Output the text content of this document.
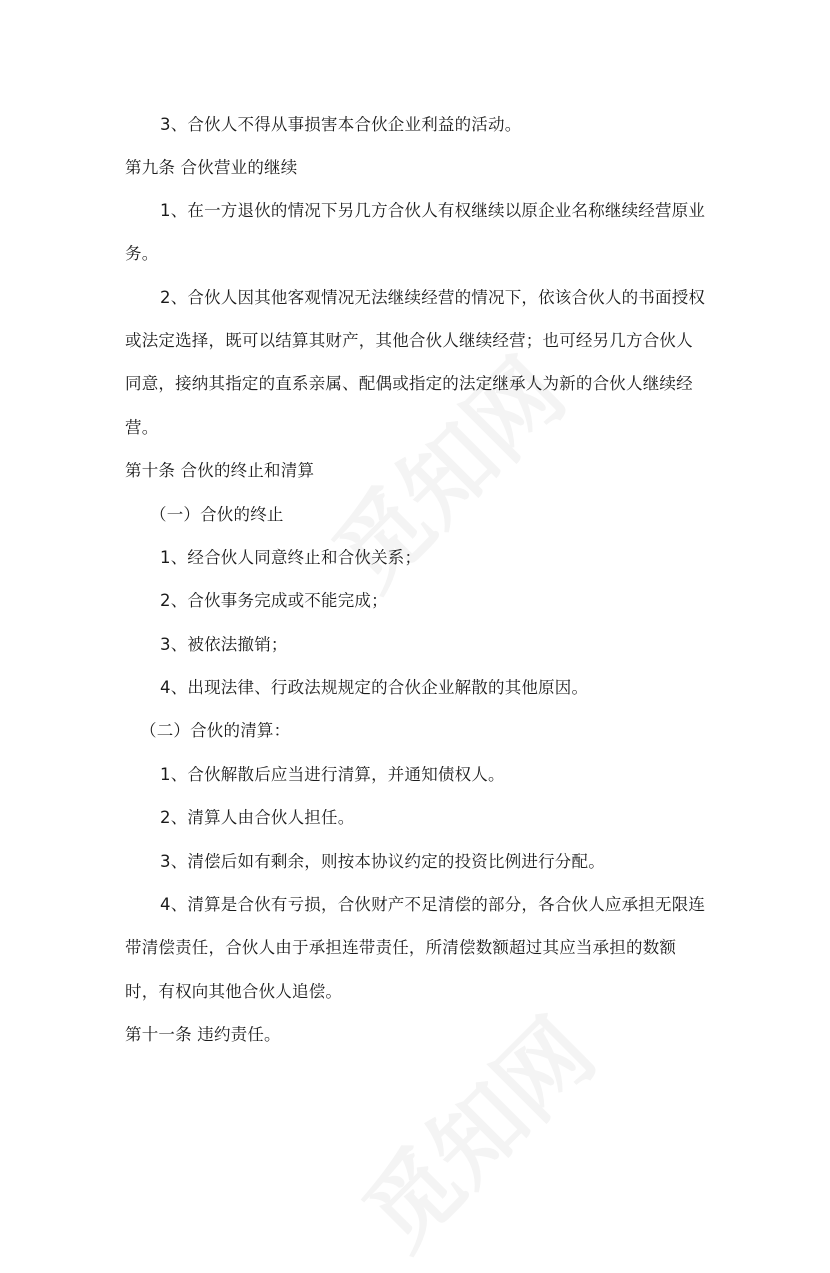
3、合伙人不得从事损害本合伙企业利益的活动。
第九条 合伙营业的继续
1、在一方退伙的情况下另几方合伙人有权继续以原企业名称继续经营原业
务。
2、合伙人因其他客观情况无法继续经营的情况下，依该合伙人的书面授权
或法定选择，既可以结算其财产，其他合伙人继续经营；也可经另几方合伙人
同意，接纳其指定的直系亲属、配偶或指定的法定继承人为新的合伙人继续经
营。
第十条 合伙的终止和清算
（一）合伙的终止
1、经合伙人同意终止和合伙关系；
2、合伙事务完成或不能完成；
3、被依法撤销；
4、出现法律、行政法规规定的合伙企业解散的其他原因。
（二）合伙的清算：
1、合伙解散后应当进行清算，并通知债权人。
2、清算人由合伙人担任。
3、清偿后如有剩余，则按本协议约定的投资比例进行分配。
4、清算是合伙有亏损，合伙财产不足清偿的部分，各合伙人应承担无限连
带清偿责任，合伙人由于承担连带责任，所清偿数额超过其应当承担的数额
时，有权向其他合伙人追偿。
第十一条 违约责任。
